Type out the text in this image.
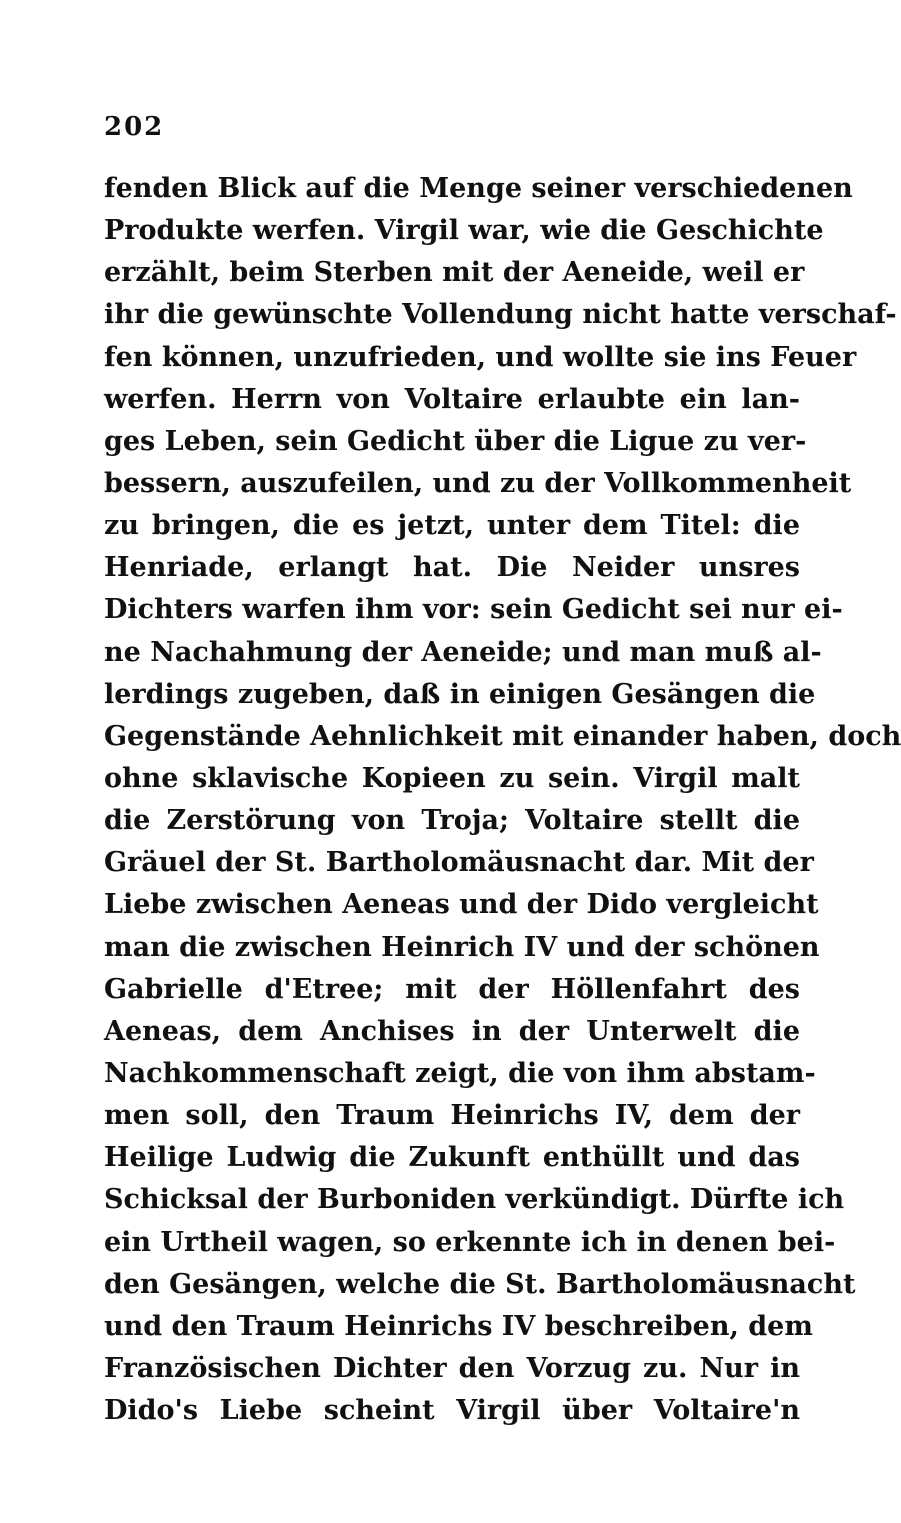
202
fenden Blick auf die Menge seiner verschiedenen
Produkte werfen. Virgil war, wie die Geschichte
erzählt, beim Sterben mit der Aeneide, weil er
ihr die gewünschte Vollendung nicht hatte verschaf-
fen können, unzufrieden, und wollte sie ins Feuer
werfen. Herrn von Voltaire erlaubte ein lan-
ges Leben, sein Gedicht über die Ligue zu ver-
bessern, auszufeilen, und zu der Vollkommenheit
zu bringen, die es jetzt, unter dem Titel: die
Henriade, erlangt hat. Die Neider unsres
Dichters warfen ihm vor: sein Gedicht sei nur ei-
ne Nachahmung der Aeneide; und man muß al-
lerdings zugeben, daß in einigen Gesängen die
Gegenstände Aehnlichkeit mit einander haben, doch
ohne sklavische Kopieen zu sein. Virgil malt
die Zerstörung von Troja; Voltaire stellt die
Gräuel der St. Bartholomäusnacht dar. Mit der
Liebe zwischen Aeneas und der Dido vergleicht
man die zwischen Heinrich IV und der schönen
Gabrielle d'Etree; mit der Höllenfahrt des
Aeneas, dem Anchises in der Unterwelt die
Nachkommenschaft zeigt, die von ihm abstam-
men soll, den Traum Heinrichs IV, dem der
Heilige Ludwig die Zukunft enthüllt und das
Schicksal der Burboniden verkündigt. Dürfte ich
ein Urtheil wagen, so erkennte ich in denen bei-
den Gesängen, welche die St. Bartholomäusnacht
und den Traum Heinrichs IV beschreiben, dem
Französischen Dichter den Vorzug zu. Nur in
Dido's Liebe scheint Virgil über Voltaire'n
